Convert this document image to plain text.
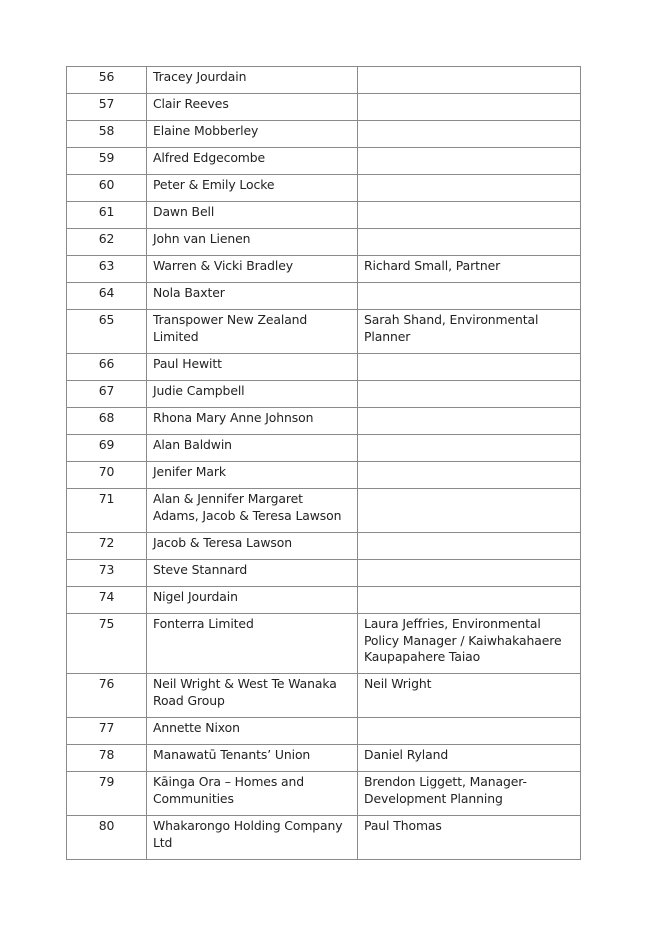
56	Tracey Jourdain	
57	Clair Reeves	
58	Elaine Mobberley	
59	Alfred Edgecombe	
60	Peter & Emily Locke	
61	Dawn Bell	
62	John van Lienen	
63	Warren & Vicki Bradley	Richard Small, Partner
64	Nola Baxter	
65	Transpower New Zealand Limited	Sarah Shand, Environmental Planner
66	Paul Hewitt	
67	Judie Campbell	
68	Rhona Mary Anne Johnson	
69	Alan Baldwin	
70	Jenifer Mark	
71	Alan & Jennifer Margaret Adams, Jacob & Teresa Lawson	
72	Jacob & Teresa Lawson	
73	Steve Stannard	
74	Nigel Jourdain	
75	Fonterra Limited	Laura Jeffries, Environmental Policy Manager / Kaiwhakahaere Kaupapahere Taiao
76	Neil Wright & West Te Wanaka Road Group	Neil Wright
77	Annette Nixon	
78	Manawatū Tenants’ Union	Daniel Ryland
79	Kāinga Ora – Homes and Communities	Brendon Liggett, Manager-Development Planning
80	Whakarongo Holding Company Ltd	Paul Thomas
